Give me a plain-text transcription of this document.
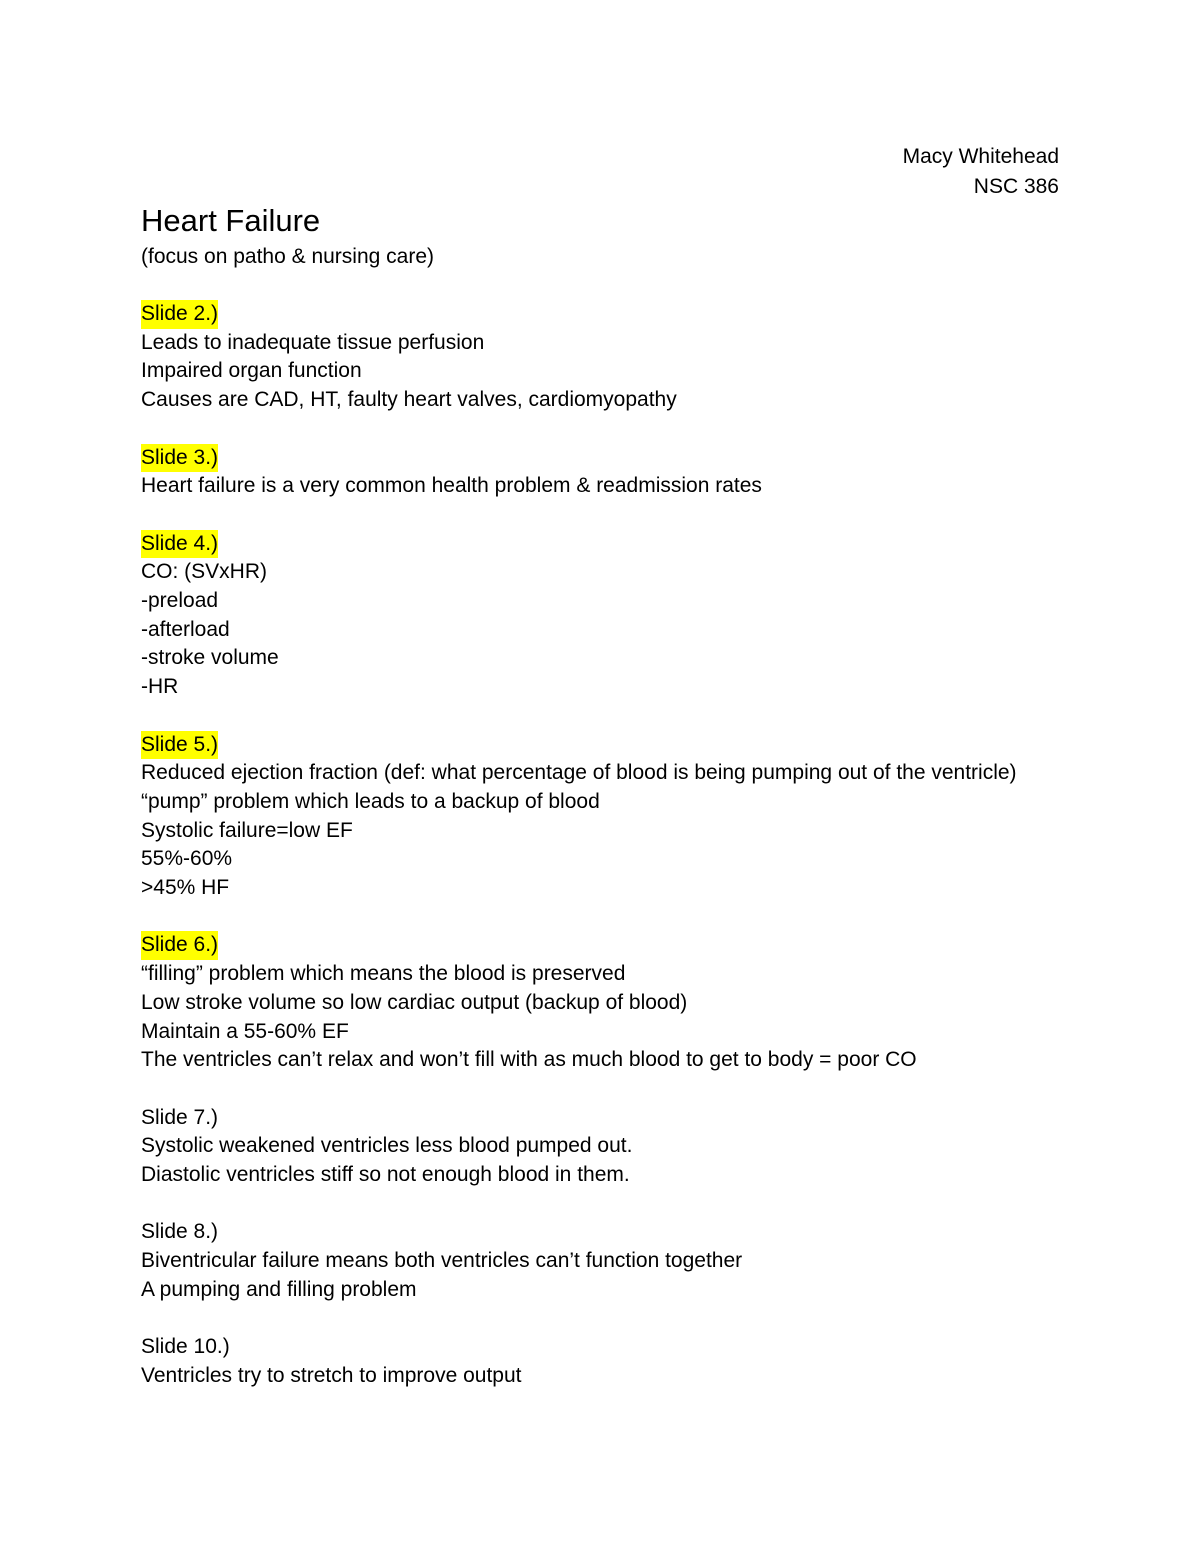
Macy Whitehead
NSC 386
Heart Failure

(focus on patho & nursing care)

Slide 2.)
Leads to inadequate tissue perfusion
Impaired organ function
Causes are CAD, HT, faulty heart valves, cardiomyopathy
Slide 3.)
Heart failure is a very common health problem & readmission rates
Slide 4.)
CO: (SVxHR)
-preload
-afterload
-stroke volume
-HR
Slide 5.)
Reduced ejection fraction (def: what percentage of blood is being pumping out of the ventricle)
“pump” problem which leads to a backup of blood
Systolic failure=low EF
55%-60%
>45% HF
Slide 6.)
“filling” problem which means the blood is preserved
Low stroke volume so low cardiac output (backup of blood)
Maintain a 55-60% EF
The ventricles can’t relax and won’t fill with as much blood to get to body = poor CO
Slide 7.)
Systolic weakened ventricles less blood pumped out.
Diastolic ventricles stiff so not enough blood in them.
Slide 8.)
Biventricular failure means both ventricles can’t function together
A pumping and filling problem
Slide 10.)
Ventricles try to stretch to improve output
